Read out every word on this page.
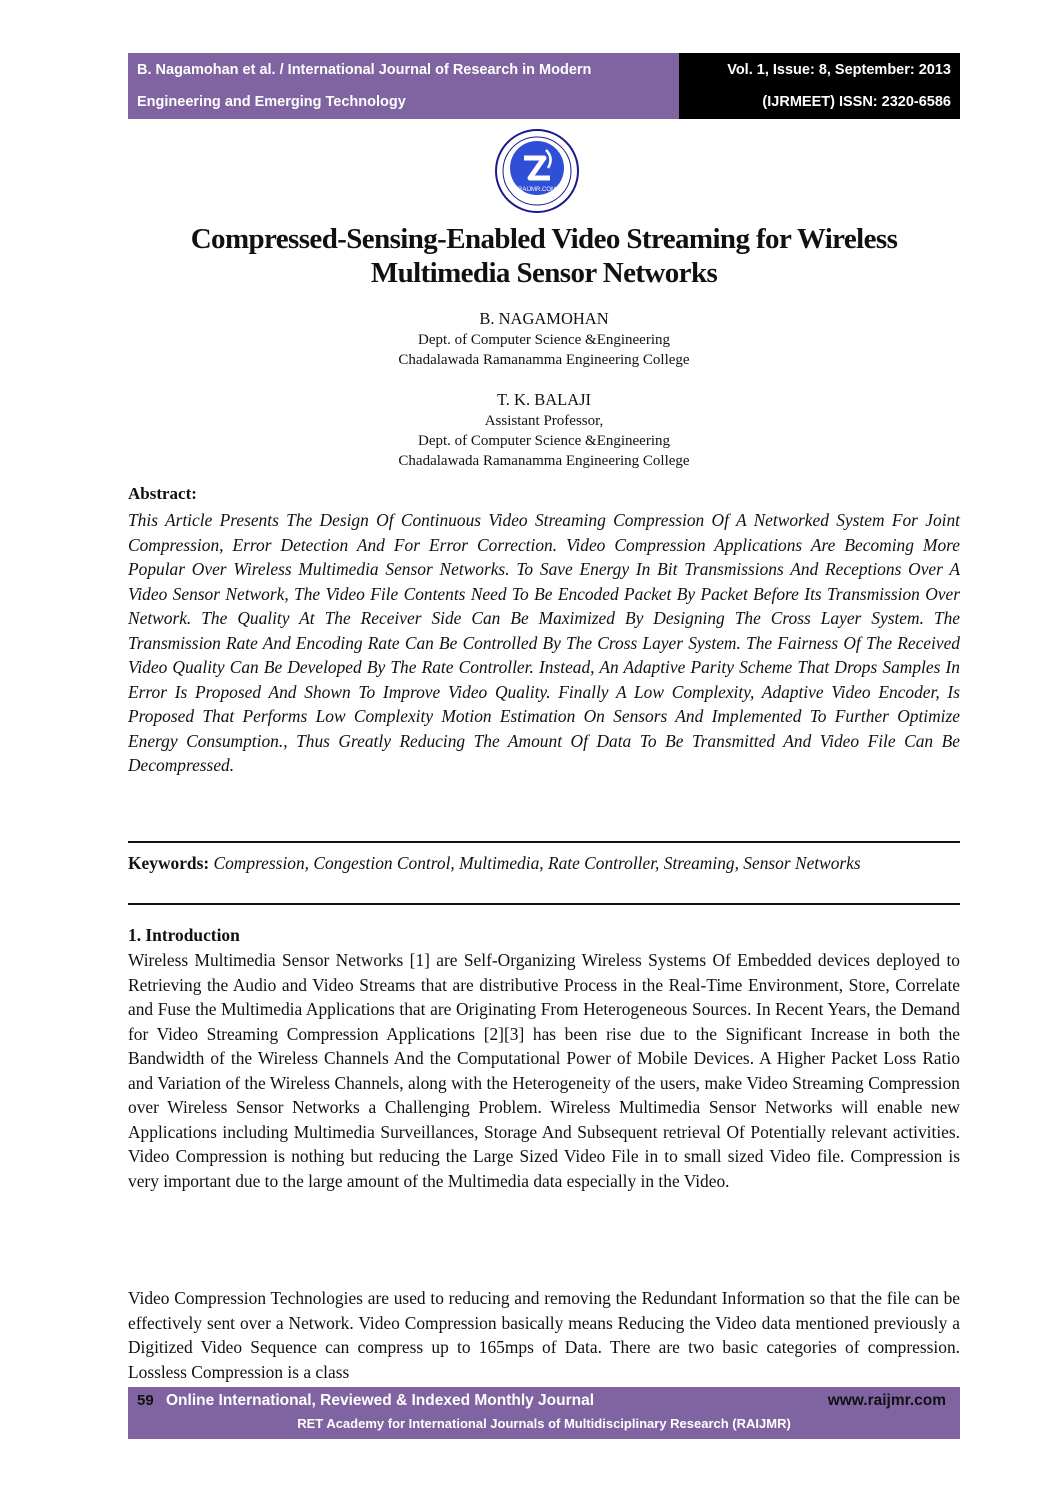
B. Nagamohan et al. / International Journal of Research in Modern
Engineering and Emerging Technology
Vol. 1, Issue: 8, September: 2013
(IJRMEET) ISSN: 2320-6586
RAIJMR.COM
Compressed-Sensing-Enabled Video Streaming for Wireless
Multimedia Sensor Networks
B. NAGAMOHAN
Dept. of Computer Science &Engineering
Chadalawada Ramanamma Engineering College
T. K. BALAJI
Assistant Professor,
Dept. of Computer Science &Engineering
Chadalawada Ramanamma Engineering College
Abstract:
This Article Presents The Design Of Continuous Video Streaming Compression Of A Networked System For Joint Compression, Error Detection And For Error Correction. Video Compression Applications Are Becoming More Popular Over Wireless Multimedia Sensor Networks. To Save Energy In Bit Transmissions And Receptions Over A Video Sensor Network, The Video File Contents Need To Be Encoded Packet By Packet Before Its Transmission Over Network. The Quality At The Receiver Side Can Be Maximized By Designing The Cross Layer System. The Transmission Rate And Encoding Rate Can Be Controlled By The Cross Layer System. The Fairness Of The Received Video Quality Can Be Developed By The Rate Controller. Instead, An Adaptive Parity Scheme That Drops Samples In Error Is Proposed And Shown To Improve Video Quality. Finally A Low Complexity, Adaptive Video Encoder, Is Proposed That Performs Low Complexity Motion Estimation On Sensors And Implemented To Further Optimize Energy Consumption., Thus Greatly Reducing The Amount Of Data To Be Transmitted And Video File Can Be Decompressed.
Keywords: Compression, Congestion Control, Multimedia, Rate Controller, Streaming, Sensor Networks
1. Introduction
Wireless Multimedia Sensor Networks [1] are Self-Organizing Wireless Systems Of Embedded devices deployed to Retrieving the Audio and Video Streams that are distributive Process in the Real-Time Environment, Store, Correlate and Fuse the Multimedia Applications that are Originating From Heterogeneous Sources. In Recent Years, the Demand for Video Streaming Compression Applications [2][3] has been rise due to the Significant Increase in both the Bandwidth of the Wireless Channels And the Computational Power of Mobile Devices. A Higher Packet Loss Ratio and Variation of the Wireless Channels, along with the Heterogeneity of the users, make Video Streaming Compression over Wireless Sensor Networks a Challenging Problem. Wireless Multimedia Sensor Networks will enable new Applications including Multimedia Surveillances, Storage And Subsequent retrieval Of Potentially relevant activities. Video Compression is nothing but reducing the Large Sized Video File in to small sized Video file. Compression is very important due to the large amount of the Multimedia data especially in the Video.
Video Compression Technologies are used to reducing and removing the Redundant Information so that the file can be effectively sent over a Network. Video Compression basically means Reducing the Video data mentioned previously a Digitized Video Sequence can compress up to 165mps of Data. There are two basic categories of compression. Lossless Compression is a class
59 Online International, Reviewed & Indexed Monthly Journal	www.raijmr.com
RET Academy for International Journals of Multidisciplinary Research (RAIJMR)
